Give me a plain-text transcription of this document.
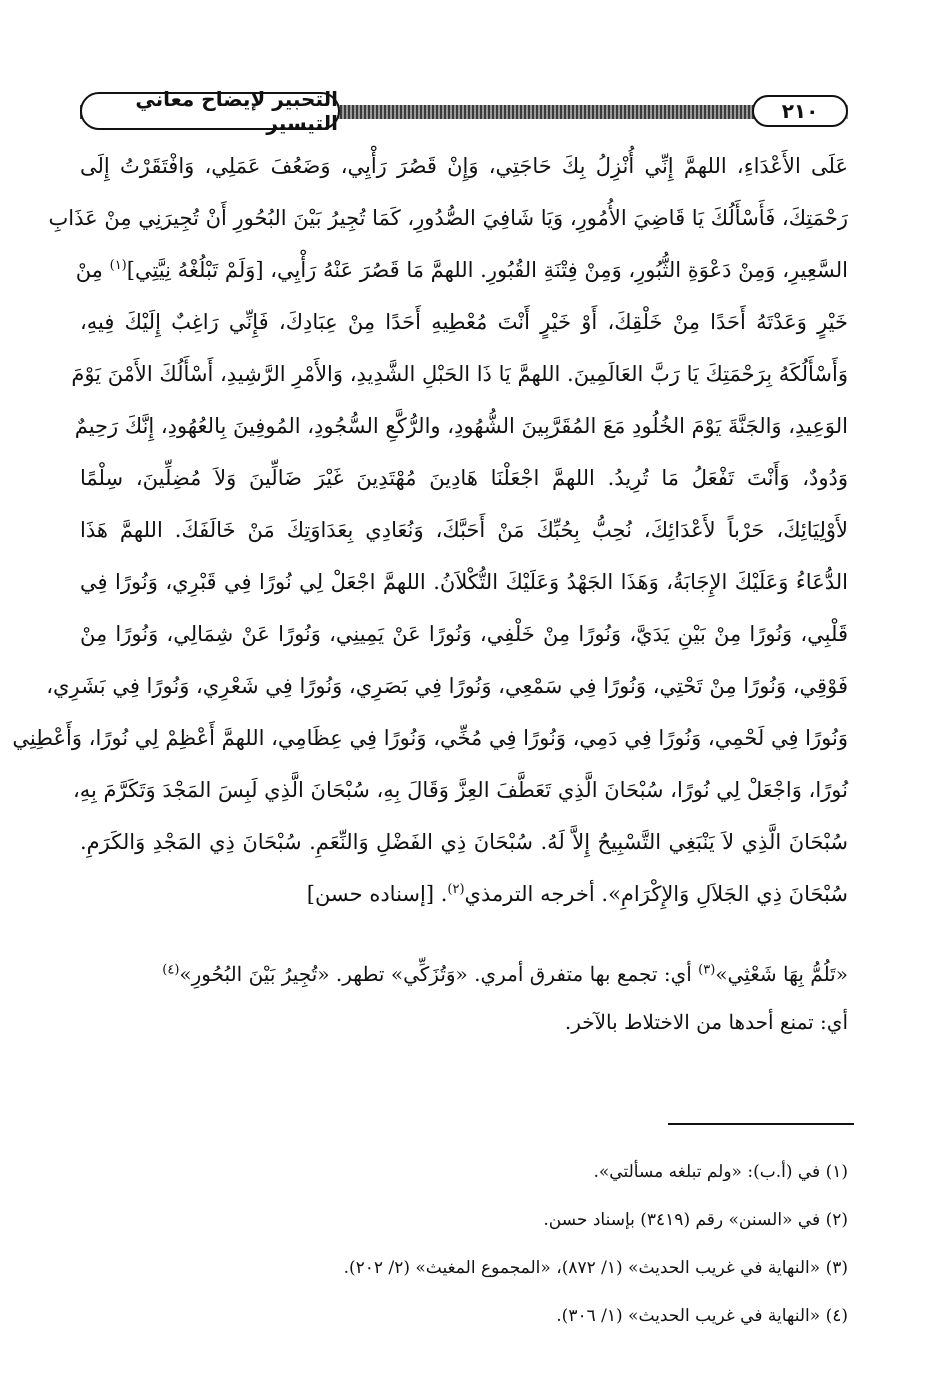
التحبير لإيضاح معاني التيسير	٢١٠
عَلَى الأَعْدَاءِ، اللهمَّ إِنِّي أُنْزِلُ بِكَ حَاجَتِي، وَإِنْ قَصُرَ رَأْيِي، وَضَعُفَ عَمَلِي، وَافْتَقَرْتُ إِلَى
رَحْمَتِكَ، فَأَسْأَلُكَ يَا قَاضِيَ الأُمُورِ، وَيَا شَافِيَ الصُّدُورِ، كَمَا تُجِيرُ بَيْنَ البُحُورِ أَنْ تُجِيرَنِي مِنْ عَذَابِ
السَّعِيرِ، وَمِنْ دَعْوَةِ الثُّبُورِ، وَمِنْ فِتْنَةِ القُبُورِ. اللهمَّ مَا قَصُرَ عَنْهُ رَأْيِي، [وَلَمْ تَبْلُغْهُ نِيَّتِي]$^{(١)}$ مِنْ
خَيْرٍ وَعَدْتَهُ أَحَدًا مِنْ خَلْقِكَ، أَوْ خَيْرٍ أَنْتَ مُعْطِيهِ أَحَدًا مِنْ عِبَادِكَ، فَإِنِّي رَاغِبٌ إِلَيْكَ فِيهِ،
وَأَسْأَلُكَهُ بِرَحْمَتِكَ يَا رَبَّ العَالَمِينَ. اللهمَّ يَا ذَا الحَبْلِ الشَّدِيدِ، وَالأَمْرِ الرَّشِيدِ، أَسْأَلُكَ الأَمْنَ يَوْمَ
الوَعِيدِ، وَالجَنَّةَ يَوْمَ الخُلُودِ مَعَ المُقَرَّبِينَ الشُّهُودِ، والرُّكَّعِ السُّجُودِ، المُوفِينَ بِالعُهُودِ، إِنَّكَ رَحِيمٌ
وَدُودٌ، وَأَنْتَ تَفْعَلُ مَا تُرِيدُ. اللهمَّ اجْعَلْنَا هَادِينَ مُهْتَدِينَ غَيْرَ ضَالِّينَ وَلاَ مُضِلِّينَ، سِلْمًا
لأَوْلِيَائِكَ، حَرْباً لأَعْدَائِكَ، نُحِبُّ بِحُبِّكَ مَنْ أَحَبَّكَ، وَنُعَادِي بِعَدَاوَتِكَ مَنْ خَالَفَكَ. اللهمَّ هَذَا
الدُّعَاءُ وَعَلَيْكَ الإِجَابَةُ، وَهَذَا الجَهْدُ وَعَلَيْكَ التُّكْلاَنُ. اللهمَّ اجْعَلْ لِي نُورًا فِي قَبْرِي، وَنُورًا فِي
قَلْبِي، وَنُورًا مِنْ بَيْنِ يَدَيَّ، وَنُورًا مِنْ خَلْفِي، وَنُورًا عَنْ يَمِينِي، وَنُورًا عَنْ شِمَالِي، وَنُورًا مِنْ
فَوْقِي، وَنُورًا مِنْ تَحْتِي، وَنُورًا فِي سَمْعِي، وَنُورًا فِي بَصَرِي، وَنُورًا فِي شَعْرِي، وَنُورًا فِي بَشَرِي،
وَنُورًا فِي لَحْمِي، وَنُورًا فِي دَمِي، وَنُورًا فِي مُخِّي، وَنُورًا فِي عِظَامِي، اللهمَّ أَعْظِمْ لِي نُورًا، وَأَعْطِنِي
نُورًا، وَاجْعَلْ لِي نُورًا، سُبْحَانَ الَّذِي تَعَطَّفَ العِزَّ وَقَالَ بِهِ، سُبْحَانَ الَّذِي لَبِسَ المَجْدَ وَتَكَرَّمَ بِهِ،
سُبْحَانَ الَّذِي لاَ يَنْبَغِي التَّسْبِيحُ إِلاَّ لَهُ. سُبْحَانَ ذِي الفَضْلِ وَالنِّعَمِ. سُبْحَانَ ذِي المَجْدِ وَالكَرَمِ.
سُبْحَانَ ذِي الجَلاَلِ وَالإِكْرَامِ». أخرجه الترمذي$^{(٢)}$. [إسناده حسن]
«تَلُمُّ بِهَا شَعْثِي»$^{(٣)}$ أي: تجمع بها متفرق أمري. «وَتُزَكِّي» تطهر. «تُجِيرُ بَيْنَ البُحُورِ»$^{(٤)}$
أي: تمنع أحدها من الاختلاط بالآخر.
(١) في (أ.ب): «ولم تبلغه مسألتي».
(٢) في «السنن» رقم (٣٤١٩) بإسناد حسن.
(٣) «النهاية في غريب الحديث» (١/ ٨٧٢)، «المجموع المغيث» (٢/ ٢٠٢).
(٤) «النهاية في غريب الحديث» (١/ ٣٠٦).
